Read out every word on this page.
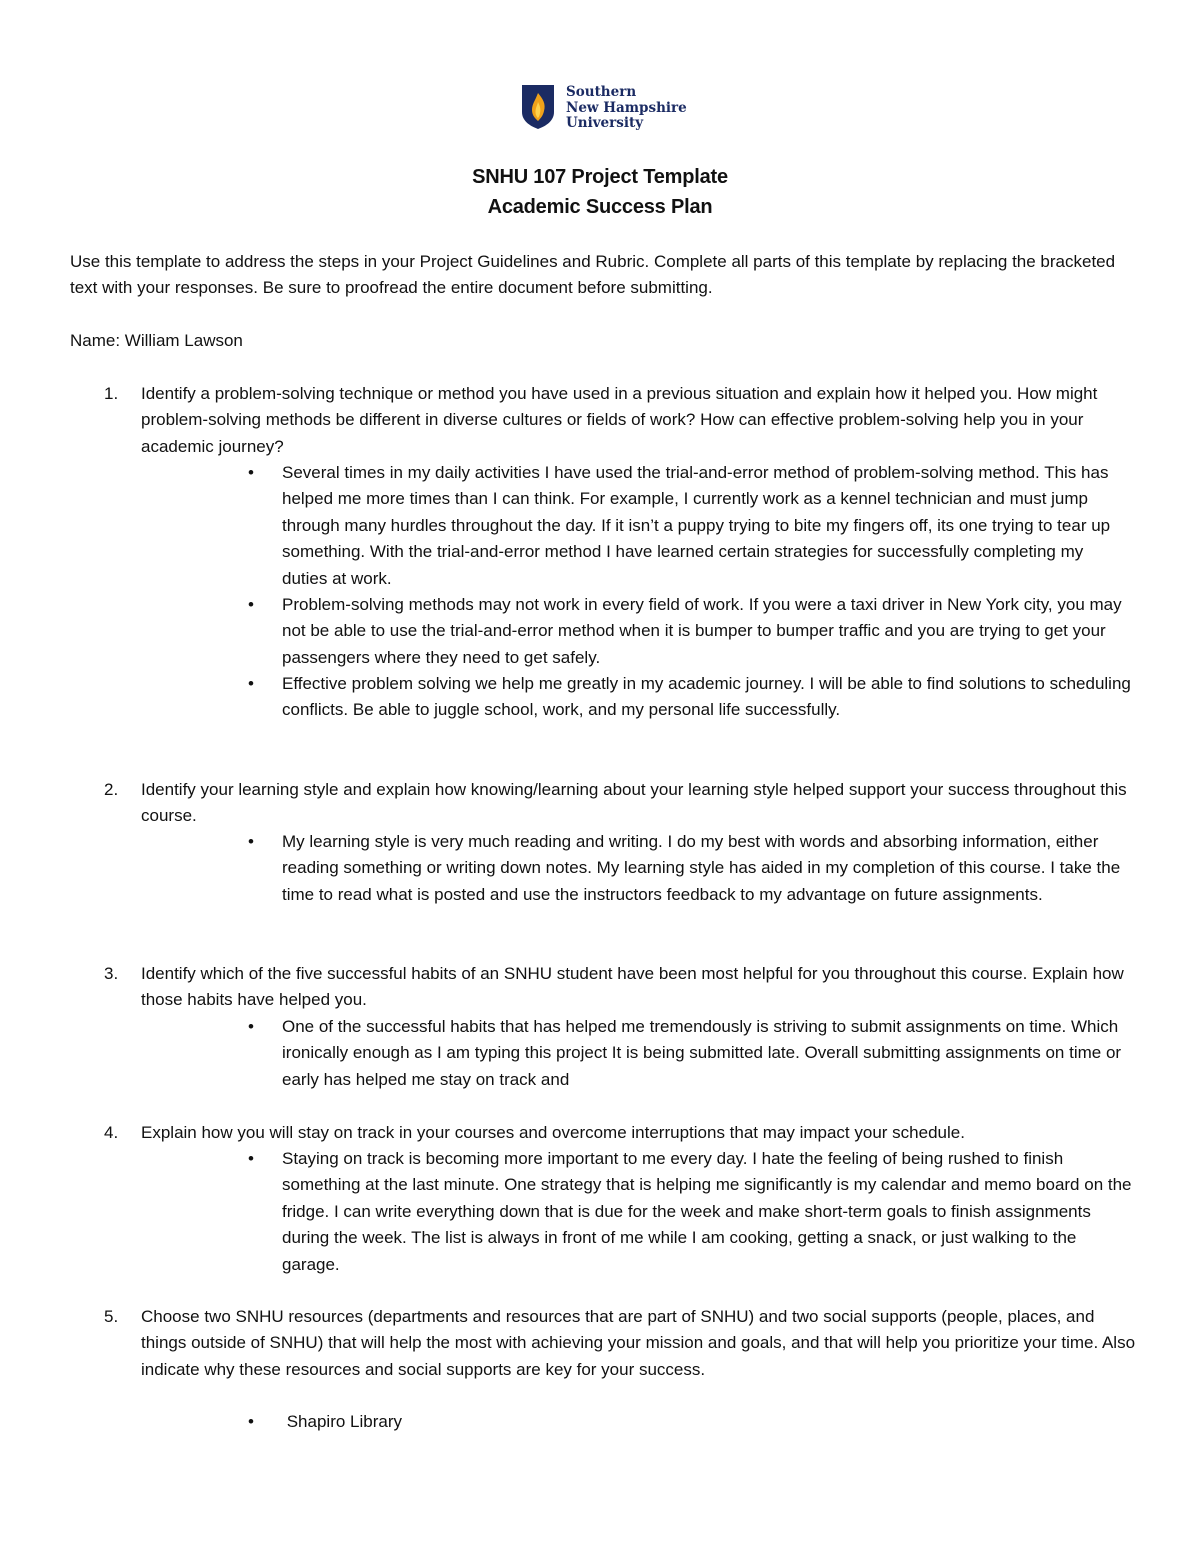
Southern
New Hampshire
University
SNHU 107 Project Template
Academic Success Plan
Use this template to address the steps in your Project Guidelines and Rubric. Complete all parts of this template by replacing the bracketed text with your responses. Be sure to proofread the entire document before submitting.
Name: William Lawson
1. Identify a problem-solving technique or method you have used in a previous situation and explain how it helped you. How might problem-solving methods be different in diverse cultures or fields of work? How can effective problem-solving help you in your academic journey?
• Several times in my daily activities I have used the trial-and-error method of problem-solving method. This has helped me more times than I can think. For example, I currently work as a kennel technician and must jump through many hurdles throughout the day. If it isn’t a puppy trying to bite my fingers off, its one trying to tear up something. With the trial-and-error method I have learned certain strategies for successfully completing my duties at work.
• Problem-solving methods may not work in every field of work. If you were a taxi driver in New York city, you may not be able to use the trial-and-error method when it is bumper to bumper traffic and you are trying to get your passengers where they need to get safely.
• Effective problem solving we help me greatly in my academic journey. I will be able to find solutions to scheduling conflicts. Be able to juggle school, work, and my personal life successfully.
2. Identify your learning style and explain how knowing/learning about your learning style helped support your success throughout this course.
• My learning style is very much reading and writing. I do my best with words and absorbing information, either reading something or writing down notes. My learning style has aided in my completion of this course. I take the time to read what is posted and use the instructors feedback to my advantage on future assignments.
3. Identify which of the five successful habits of an SNHU student have been most helpful for you throughout this course. Explain how those habits have helped you.
• One of the successful habits that has helped me tremendously is striving to submit assignments on time. Which ironically enough as I am typing this project It is being submitted late. Overall submitting assignments on time or early has helped me stay on track and
4. Explain how you will stay on track in your courses and overcome interruptions that may impact your schedule.
• Staying on track is becoming more important to me every day. I hate the feeling of being rushed to finish something at the last minute. One strategy that is helping me significantly is my calendar and memo board on the fridge. I can write everything down that is due for the week and make short-term goals to finish assignments during the week. The list is always in front of me while I am cooking, getting a snack, or just walking to the garage.
5. Choose two SNHU resources (departments and resources that are part of SNHU) and two social supports (people, places, and things outside of SNHU) that will help the most with achieving your mission and goals, and that will help you prioritize your time. Also indicate why these resources and social supports are key for your success.
• Shapiro Library
